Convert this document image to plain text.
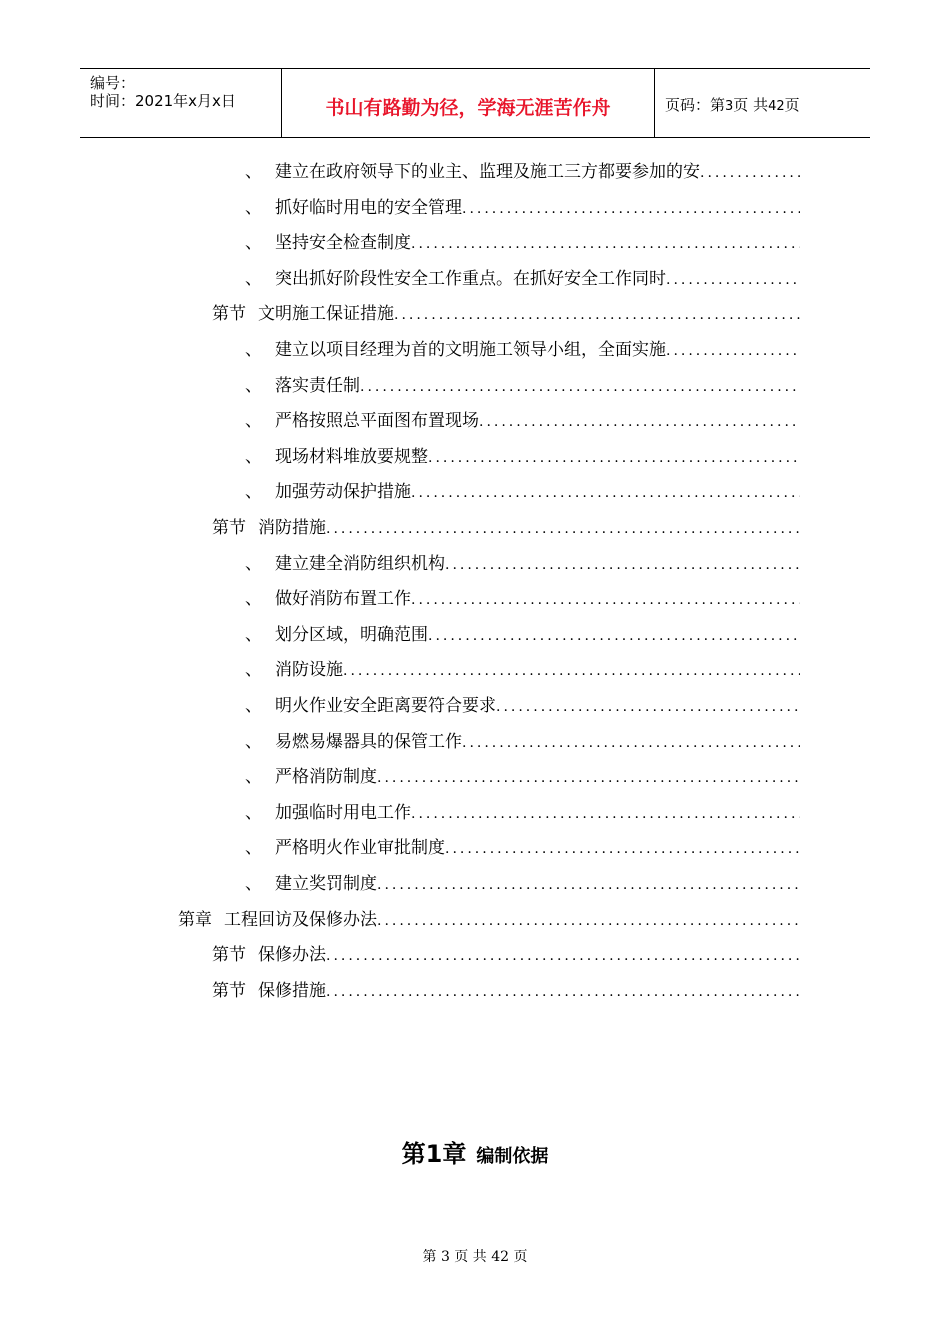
编号：
时间：2021年x月x日	书山有路勤为径，学海无涯苦作舟	页码：第3页 共42页
、 建立在政府领导下的业主、监理及施工三方都要参加的安
.....
、 抓好临时用电的安全管理
.....
、 坚持安全检查制度
.....
、 突出抓好阶段性安全工作重点。在抓好安全工作同时
.....
第节 文明施工保证措施
.....
、 建立以项目经理为首的文明施工领导小组，全面实施
.....
、 落实责任制
.....
、 严格按照总平面图布置现场
.....
、 现场材料堆放要规整
.....
、 加强劳动保护措施
.....
第节 消防措施
.....
、 建立建全消防组织机构
.....
、 做好消防布置工作
.....
、 划分区域，明确范围
.....
、 消防设施
.....
、 明火作业安全距离要符合要求
.....
、 易燃易爆器具的保管工作
.....
、 严格消防制度
.....
、 加强临时用电工作
.....
、 严格明火作业审批制度
.....
、 建立奖罚制度
.....
第章 工程回访及保修办法
.....
第节 保修办法
.....
第节 保修措施
.....
第1章 编制依据
第 3 页 共 42 页
